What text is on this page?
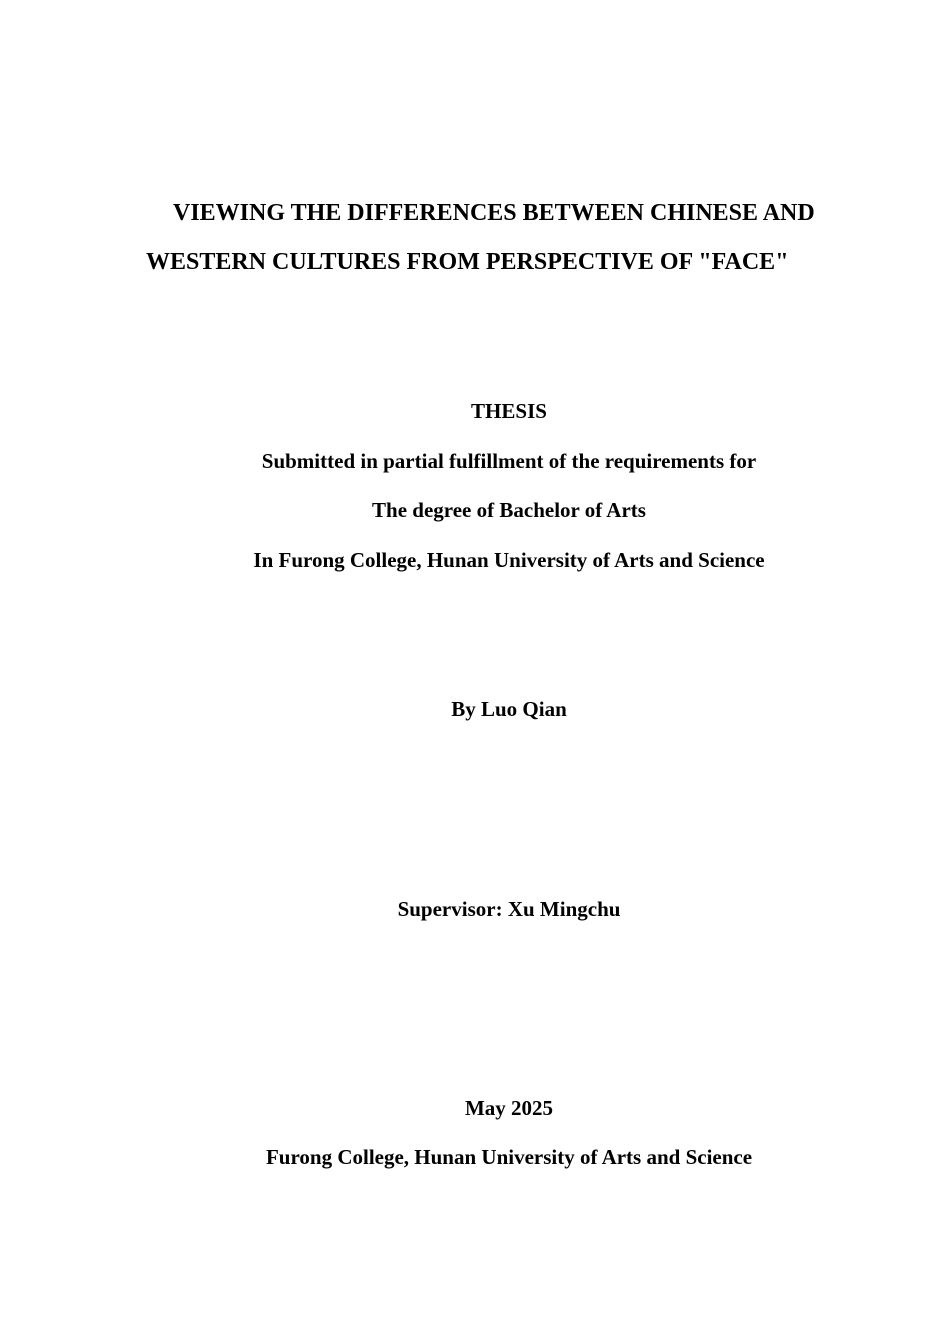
VIEWING THE DIFFERENCES BETWEEN CHINESE AND
WESTERN CULTURES FROM PERSPECTIVE OF "FACE"

THESIS

Submitted in partial fulfillment of the requirements for

The degree of Bachelor of Arts

In Furong College, Hunan University of Arts and Science

By Luo Qian

Supervisor: Xu Mingchu

May 2025

Furong College, Hunan University of Arts and Science
